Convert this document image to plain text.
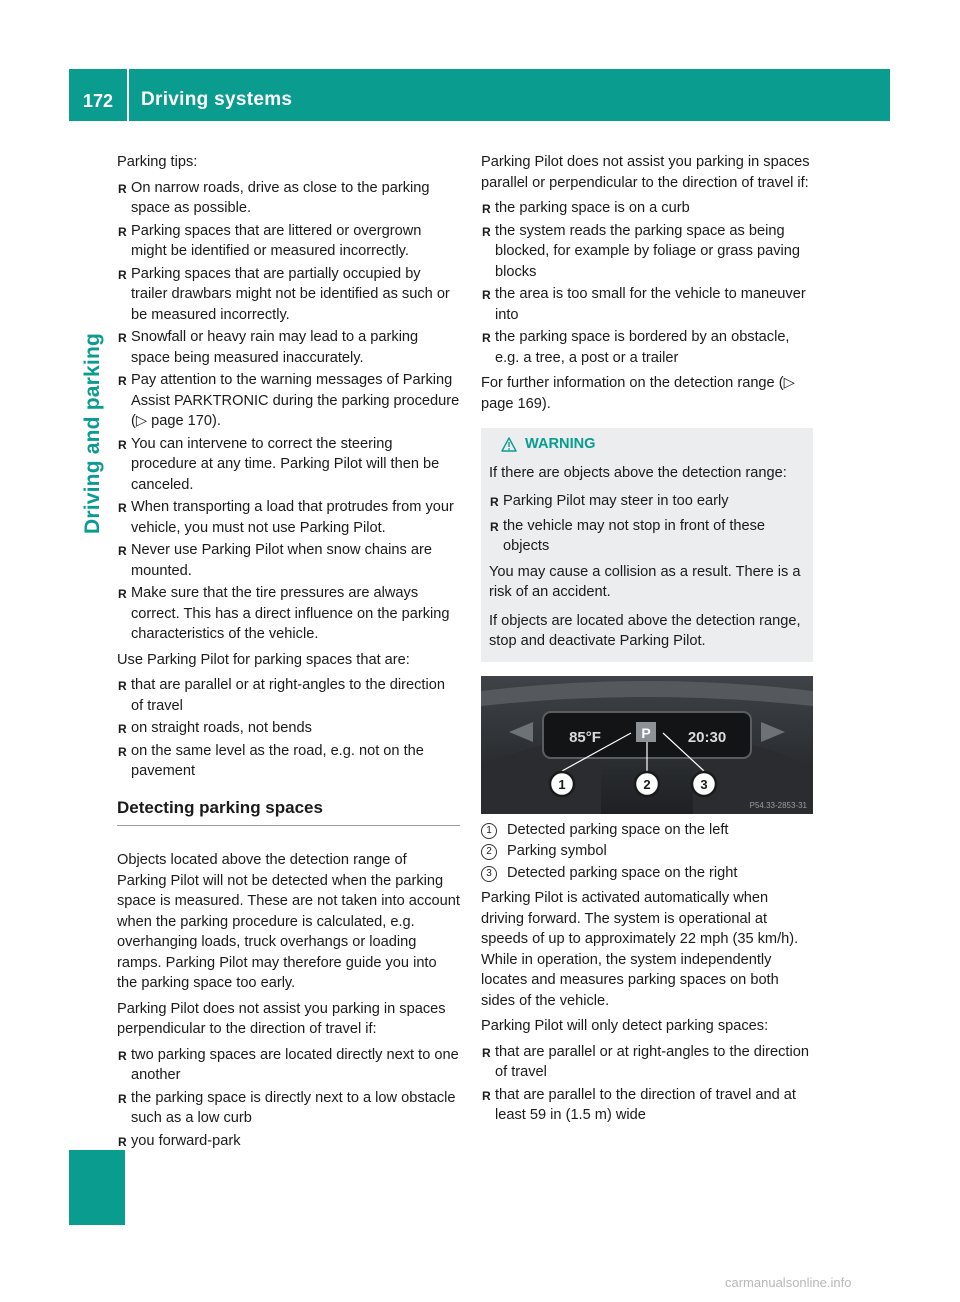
172	Driving systems
Driving and parking

Parking tips:

R On narrow roads, drive as close to the parking space as possible.
R Parking spaces that are littered or overgrown might be identified or measured incorrectly.
R Parking spaces that are partially occupied by trailer drawbars might not be identified as such or be measured incorrectly.
R Snowfall or heavy rain may lead to a parking space being measured inaccurately.
R Pay attention to the warning messages of Parking Assist PARKTRONIC during the parking procedure (▷ page 170).
R You can intervene to correct the steering procedure at any time. Parking Pilot will then be canceled.
R When transporting a load that protrudes from your vehicle, you must not use Parking Pilot.
R Never use Parking Pilot when snow chains are mounted.
R Make sure that the tire pressures are always correct. This has a direct influence on the parking characteristics of the vehicle.

Use Parking Pilot for parking spaces that are:

R that are parallel or at right-angles to the direction of travel
R on straight roads, not bends
R on the same level as the road, e.g. not on the pavement
Detecting parking spaces

Objects located above the detection range of Parking Pilot will not be detected when the parking space is measured. These are not taken into account when the parking procedure is calculated, e.g. overhanging loads, truck overhangs or loading ramps. Parking Pilot may therefore guide you into the parking space too early.

Parking Pilot does not assist you parking in spaces perpendicular to the direction of travel if:

R two parking spaces are located directly next to one another
R the parking space is directly next to a low obstacle such as a low curb
R you forward-park

Parking Pilot does not assist you parking in spaces parallel or perpendicular to the direction of travel if:

R the parking space is on a curb
R the system reads the parking space as being blocked, for example by foliage or grass paving blocks
R the area is too small for the vehicle to maneuver into
R the parking space is bordered by an obstacle, e.g. a tree, a post or a trailer

For further information on the detection range (▷ page 169).

WARNING

If there are objects above the detection range:

R Parking Pilot may steer in too early
R the vehicle may not stop in front of these objects

You may cause a collision as a result. There is a risk of an accident.

If objects are located above the detection range, stop and deactivate Parking Pilot.

85°F	P 20:30
1	2	3
P54.33-2853-31
1	Detected parking space on the left
2	Parking symbol
3	Detected parking space on the right

Parking Pilot is activated automatically when driving forward. The system is operational at speeds of up to approximately 22 mph (35 km/h). While in operation, the system independently locates and measures parking spaces on both sides of the vehicle.

Parking Pilot will only detect parking spaces:

R that are parallel or at right-angles to the direction of travel
R that are parallel to the direction of travel and at least 59 in (1.5 m) wide
carmanualsonline.info
